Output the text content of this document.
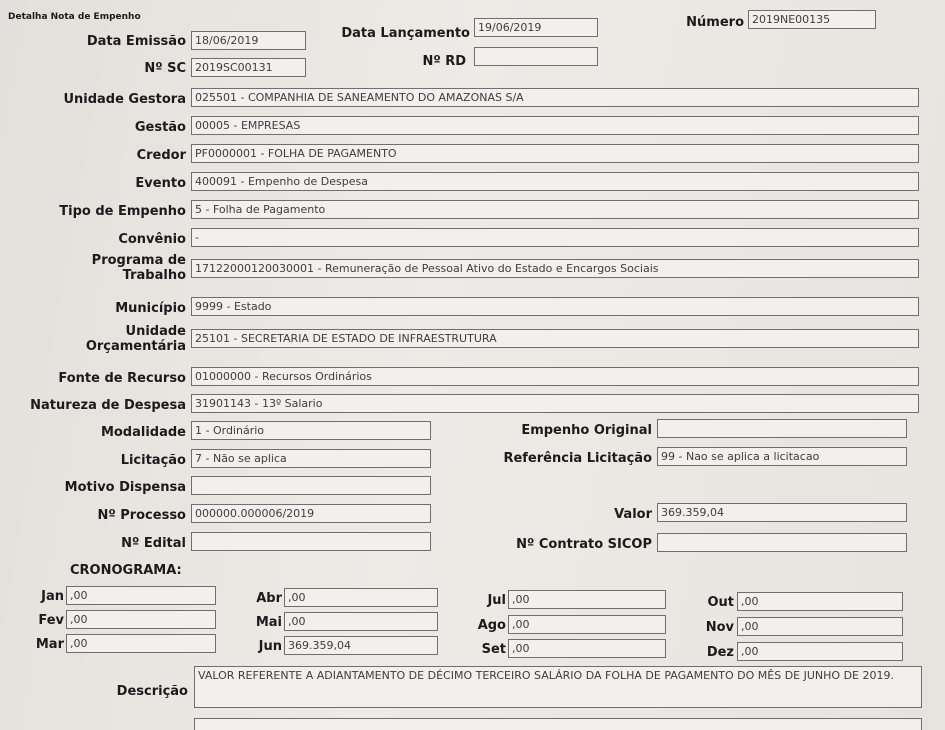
Detalha Nota de Empenho
Data Emissão 18/06/2019	Data Lançamento 19/06/2019	Número 2019NE00135
Nº SC 2019SC00131	Nº RD
Unidade Gestora 025501 - COMPANHIA DE SANEAMENTO DO AMAZONAS S/A
Gestão 00005 - EMPRESAS
Credor PF0000001 - FOLHA DE PAGAMENTO
Evento 400091 - Empenho de Despesa
Tipo de Empenho 5 - Folha de Pagamento
Convênio -
Programa de Trabalho 17122000120030001 - Remuneração de Pessoal Ativo do Estado e Encargos Sociais
Município 9999 - Estado
Unidade Orçamentária
25101 - SECRETARIA DE ESTADO DE INFRAESTRUTURA
Fonte de Recurso 01000000 - Recursos Ordinários
Natureza de Despesa 31901143 - 13º Salario
Modalidade 1 - Ordinário	Empenho Original
Licitação 7 - Não se aplica	Referência Licitação 99 - Nao se aplica a licitacao
Motivo Dispensa
Nº Processo 000000.000006/2019	Valor 369.359,04
Nº Edital	Nº Contrato SICOP
CRONOGRAMA:
Jan ,00
Fev ,00
Mar ,00
Abr ,00
Mai ,00
Jun 369.359,04
Jul ,00
Ago ,00
Set ,00
Out ,00
Nov ,00
Dez ,00
Descrição
VALOR REFERENTE A ADIANTAMENTO DE DÉCIMO TERCEIRO SALÁRIO DA FOLHA DE PAGAMENTO DO MÊS DE JUNHO DE 2019.
